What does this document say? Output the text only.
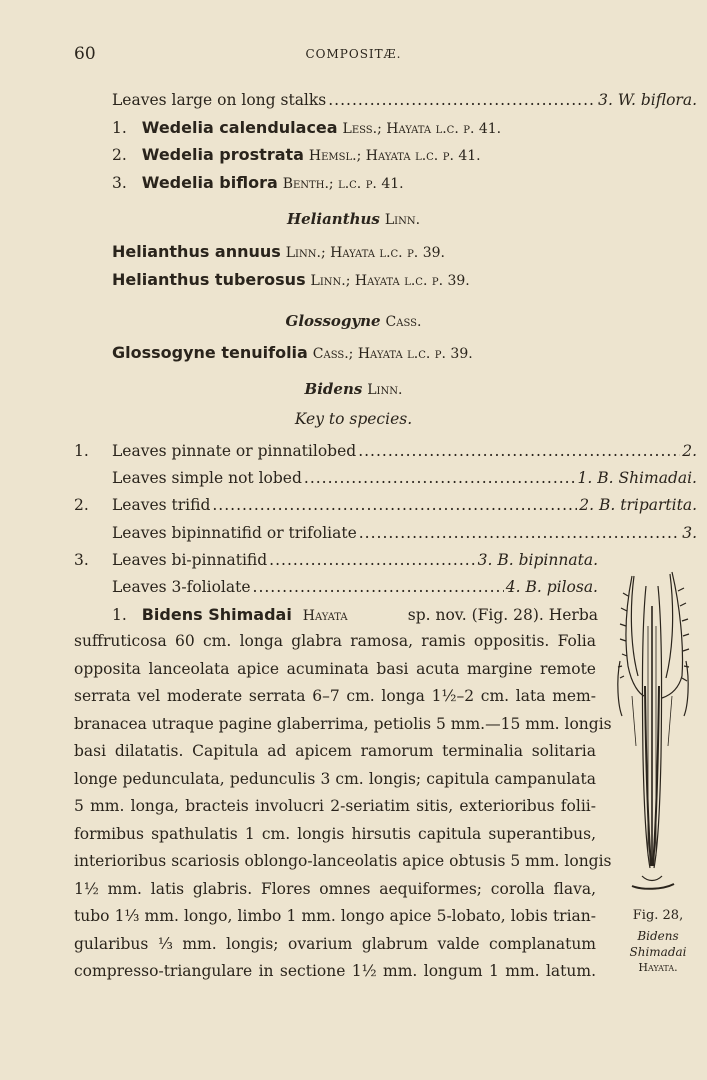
60	COMPOSITÆ.
Leaves large on long stalks .....	3. W. biflora.
1. Wedelia calendulacea Less.; Hayata l.c. p. 41.
2. Wedelia prostrata Hemsl.; Hayata l.c. p. 41.
3. Wedelia biflora Benth.; l.c. p. 41.
Helianthus Linn.
Helianthus annuus Linn.; Hayata l.c. p. 39.
Helianthus tuberosus Linn.; Hayata l.c. p. 39.
Glossogyne Cass.
Glossogyne tenuifolia Cass.; Hayata l.c. p. 39.
Bidens Linn.
Key to species.
1. Leaves pinnate or pinnatilobed .....	2.
Leaves simple not lobed .....	1. B. Shimadai.
2. Leaves trifid .....	2. B. tripartita.
Leaves bipinnatifid or trifoliate .....	3.
3. Leaves bi-pinnatifid .....	3. B. bipinnata.
Leaves 3-foliolate .....	4. B. pilosa.
1. Bidens Shimadai Hayata	sp. nov. (Fig. 28). Herba
suffruticosa 60 cm. longa glabra ramosa, ramis oppositis. Folia
opposita lanceolata apice acuminata basi acuta margine remote
serrata vel moderate serrata 6–7 cm. longa 1½–2 cm. lata mem-
branacea utraque pagine glaberrima, petiolis 5 mm.—15 mm. longis
basi dilatatis. Capitula ad apicem ramorum terminalia solitaria
longe pedunculata, pedunculis 3 cm. longis; capitula campanulata
5 mm. longa, bracteis involucri 2-seriatim sitis, exterioribus folii-
formibus spathulatis 1 cm. longis hirsutis capitula superantibus,
interioribus scariosis oblongo-lanceolatis apice obtusis 5 mm. longis
1½ mm. latis glabris. Flores omnes aequiformes; corolla flava,
tubo 1⅓ mm. longo, limbo 1 mm. longo apice 5-lobato, lobis trian-
gularibus ⅓ mm. longis; ovarium glabrum valde complanatum
compresso-triangulare in sectione 1½ mm. longum 1 mm. latum.
Fig. 28,
Bidens
Shimadai
Hayata.
